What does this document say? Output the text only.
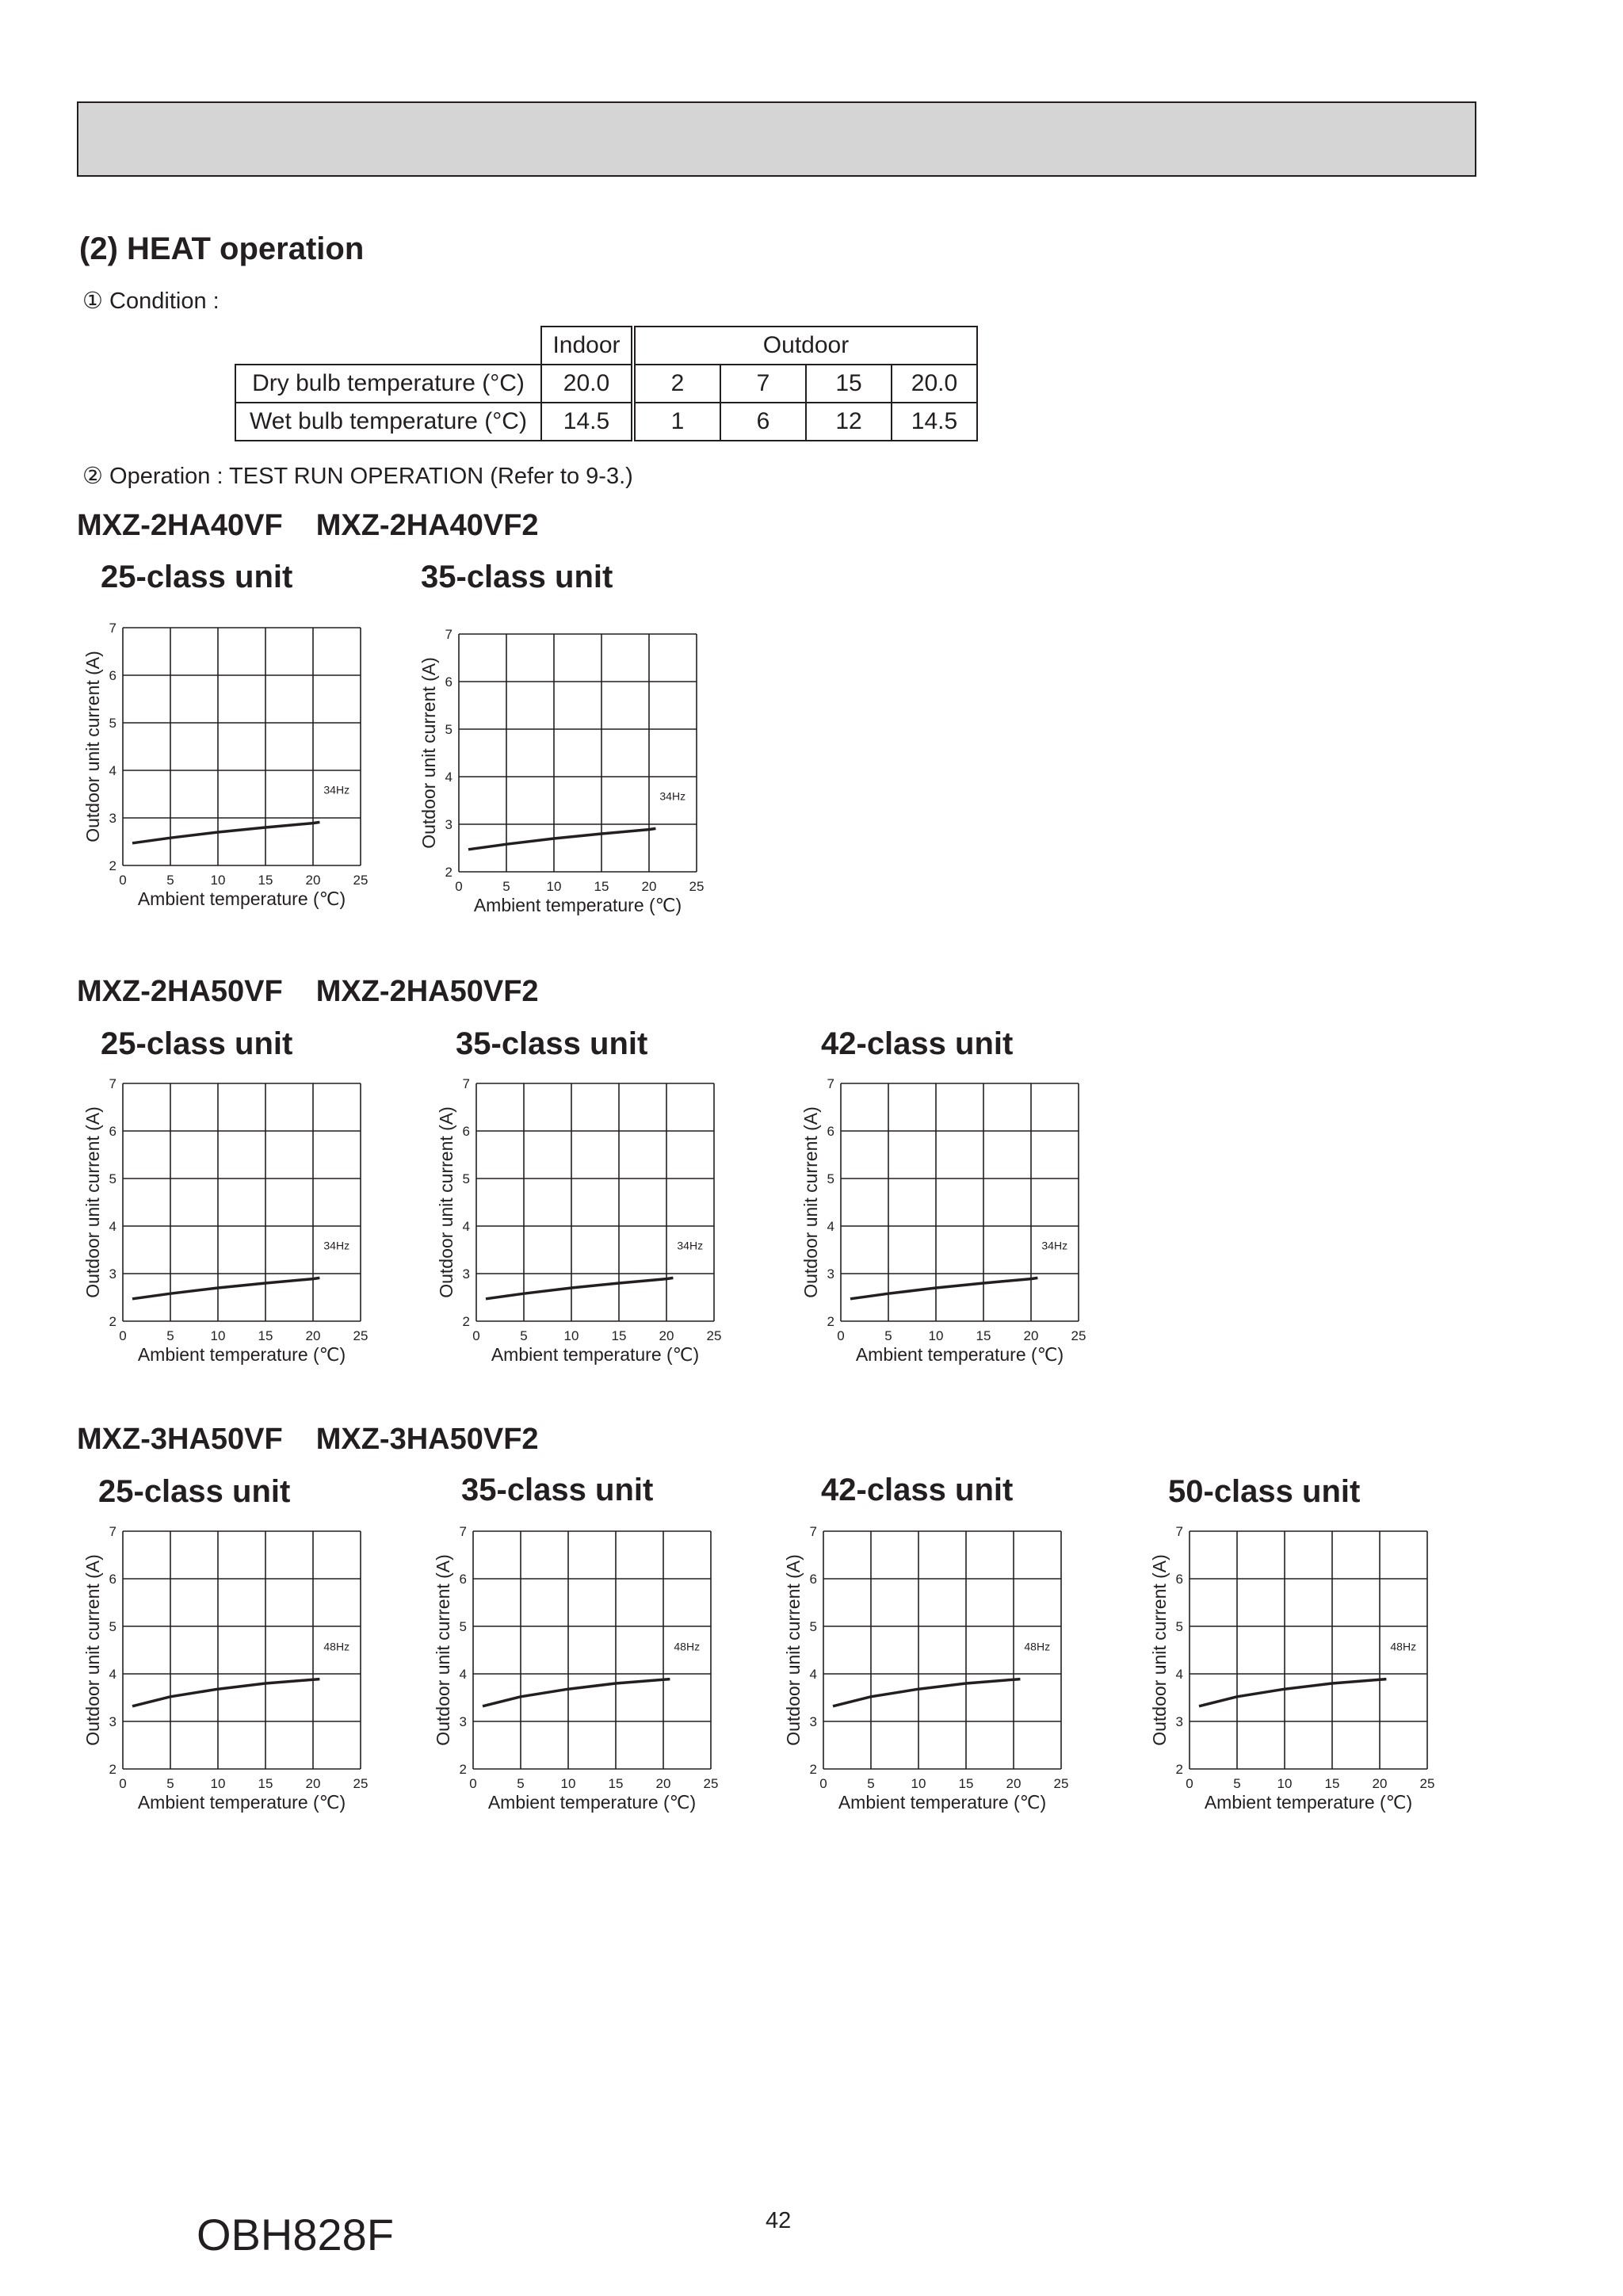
(2) HEAT operation
① Condition :
	Indoor	Outdoor			
Dry bulb temperature (°C)	20.0	2	7	15	20.0
Wet bulb temperature (°C)	14.5	1	6	12	14.5
② Operation : TEST RUN OPERATION (Refer to 9-3.)
MXZ-2HA40VF MXZ-2HA40VF2
25-class unit	35-class unit
0	5	10 15 20 25
2
3
4
5
6
7
Ambient temperature (℃)
Outdoor unit current (A)	34Hz
0	5	10 15 20 25
2
3
4
5
6
7
Ambient temperature (℃)
Outdoor unit current (A)	34Hz
MXZ-2HA50VF MXZ-2HA50VF2
25-class unit	35-class unit	42-class unit
0	5	10 15 20 25
2
3
4
5
6
7
Ambient temperature (℃)
Outdoor unit current (A)	34Hz
0	5	10 15 20 25
2
3
4
5
6
7
Ambient temperature (℃)
Outdoor unit current (A)	34Hz
0	5	10 15 20 25
2
3
4
5
6
7
Ambient temperature (℃)
Outdoor unit current (A)	34Hz
MXZ-3HA50VF MXZ-3HA50VF2
25-class unit	35-class unit	42-class unit	50-class unit
0	5	10 15 20 25
2
3
4
5
6
7
Ambient temperature (℃)
Outdoor unit current (A)	48Hz
0	5	10 15 20 25
2
3
4
5
6
7
Ambient temperature (℃)
Outdoor unit current (A)	48Hz
0	5	10 15 20 25
2
3
4
5
6
7
Ambient temperature (℃)
Outdoor unit current (A)	48Hz
0	5	10 15 20 25
2
3
4
5
6
7
Ambient temperature (℃)
Outdoor unit current (A)	48Hz
42
OBH828F
